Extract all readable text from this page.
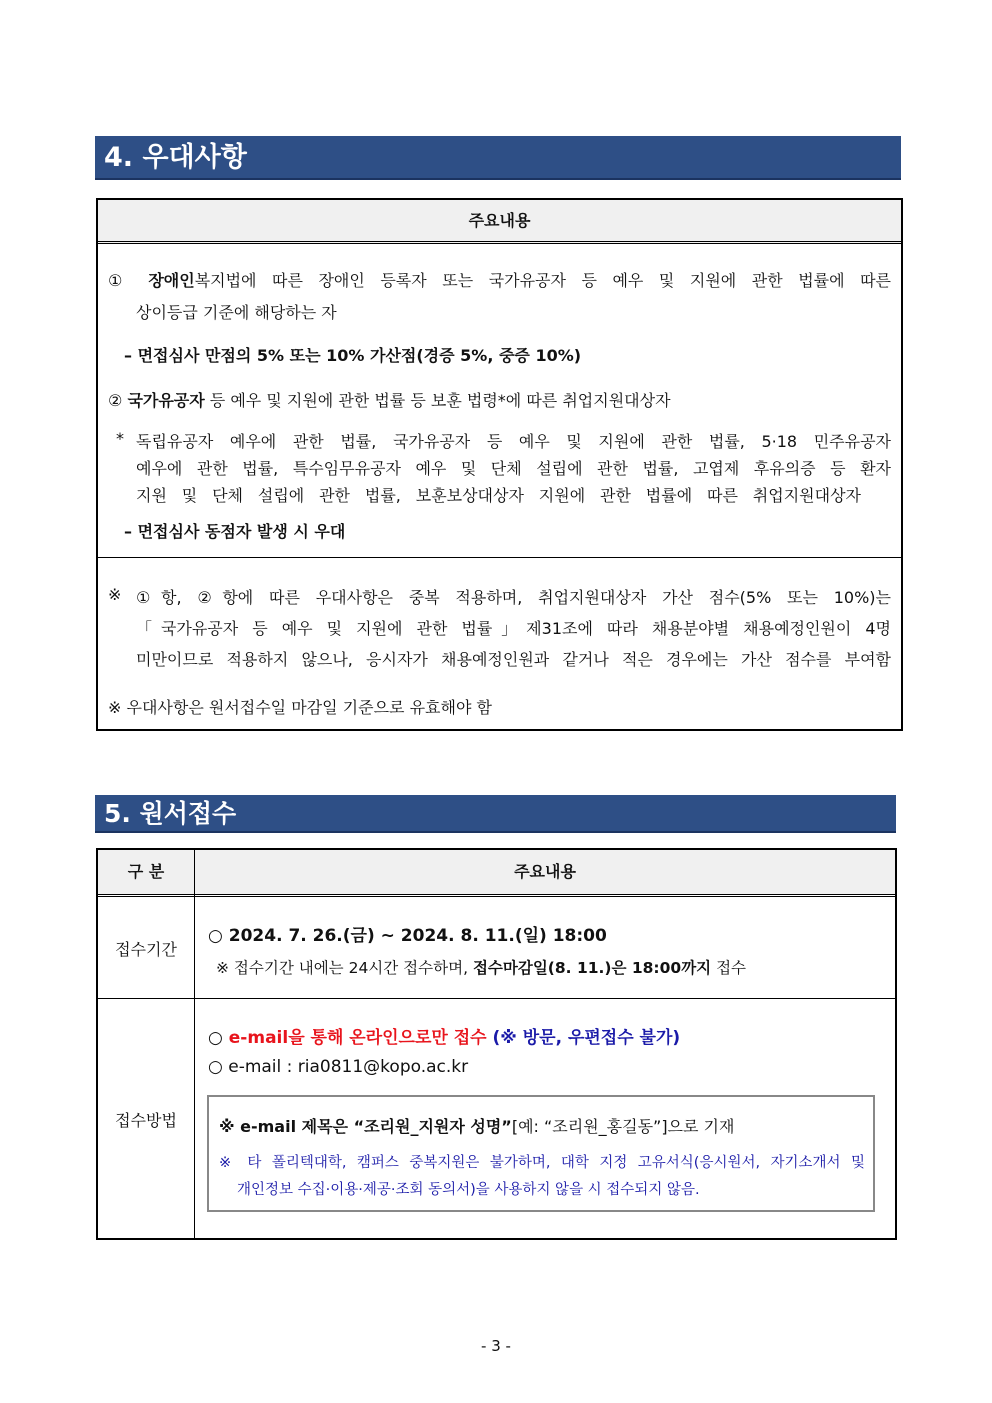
4. 우대사항
주요내용
① 장애인복지법에 따른 장애인 등록자 또는 국가유공자 등 예우 및 지원에 관한 법률에 따른
상이등급 기준에 해당하는 자
– 면접심사 만점의 5% 또는 10% 가산점(경증 5%, 중증 10%)
② 국가유공자 등 예우 및 지원에 관한 법률 등 보훈 법령*에 따른 취업지원대상자
* 독립유공자 예우에 관한 법률, 국가유공자 등 예우 및 지원에 관한 법률, 5·18 민주유공자
예우에 관한 법률, 특수임무유공자 예우 및 단체 설립에 관한 법률, 고엽제 후유의증 등 환자
지원 및 단체 설립에 관한 법률, 보훈보상대상자 지원에 관한 법률에 따른 취업지원대상자
– 면접심사 동점자 발생 시 우대
※ ①항, ②항에 따른 우대사항은 중복 적용하며, 취업지원대상자 가산 점수(5% 또는 10%)는
「국가유공자 등 예우 및 지원에 관한 법률」제31조에 따라 채용분야별 채용예정인원이 4명
미만이므로 적용하지 않으나, 응시자가 채용예정인원과 같거나 적은 경우에는 가산 점수를 부여함
※ 우대사항은 원서접수일 마감일 기준으로 유효해야 함
5. 원서접수
구 분	주요내용
접수기간
○ 2024. 7. 26.(금) ~ 2024. 8. 11.(일) 18:00
※ 접수기간 내에는 24시간 접수하며, 접수마감일(8. 11.)은 18:00까지 접수
접수방법
○ e-mail을 통해 온라인으로만 접수 (※ 방문, 우편접수 불가)
○ e-mail : ria0811@kopo.ac.kr
※ e-mail 제목은 “조리원_지원자 성명”[예: “조리원_홍길동”]으로 기재
※ 타 폴리텍대학, 캠퍼스 중복지원은 불가하며, 대학 지정 고유서식(응시원서, 자기소개서 및
개인정보 수집·이용·제공·조회 동의서)을 사용하지 않을 시 접수되지 않음.
- 3 -
